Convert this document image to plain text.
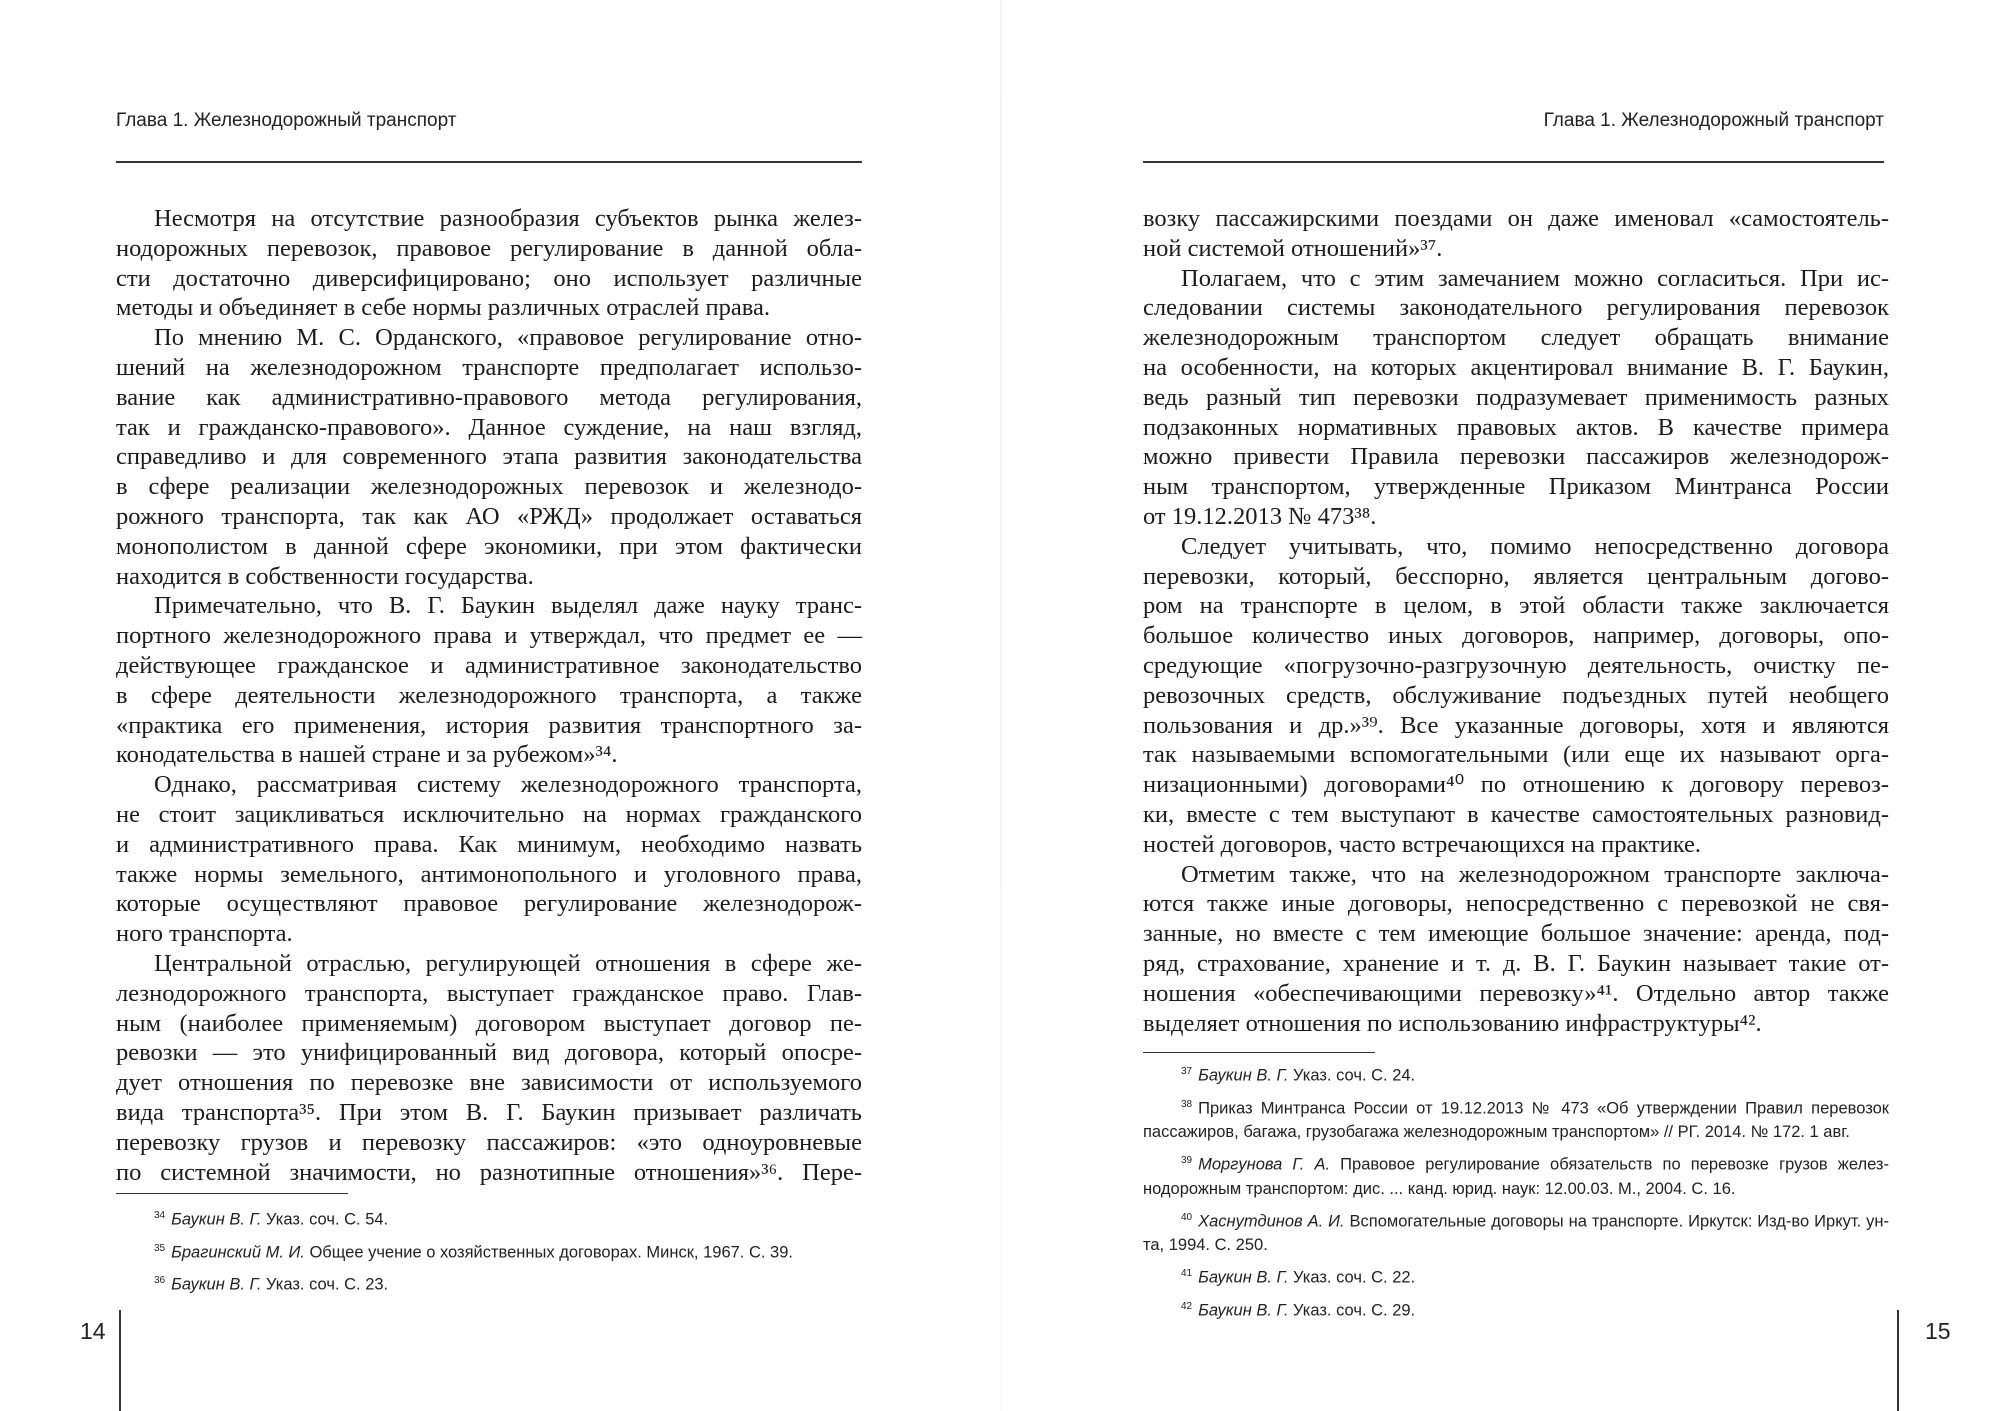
Глава 1. Железнодорожный транспорт
Несмотря на отсутствие разнообразия субъектов рынка желез-
нодорожных перевозок, правовое регулирование в данной обла-
сти достаточно диверсифицировано; оно использует различные
методы и объединяет в себе нормы различных отраслей права.
По мнению М. С. Орданского, «правовое регулирование отно-
шений на железнодорожном транспорте предполагает использо-
вание как административно-правового метода регулирования,
так и гражданско-правового». Данное суждение, на наш взгляд,
справедливо и для современного этапа развития законодательства
в сфере реализации железнодорожных перевозок и железнодо-
рожного транспорта, так как АО «РЖД» продолжает оставаться
монополистом в данной сфере экономики, при этом фактически
находится в собственности государства.
Примечательно, что В. Г. Баукин выделял даже науку транс-
портного железнодорожного права и утверждал, что предмет ее —
действующее гражданское и административное законодательство
в сфере деятельности железнодорожного транспорта, а также
«практика его применения, история развития транспортного за-
конодательства в нашей стране и за рубежом»³⁴.
Однако, рассматривая систему железнодорожного транспорта,
не стоит зацикливаться исключительно на нормах гражданского
и административного права. Как минимум, необходимо назвать
также нормы земельного, антимонопольного и уголовного права,
которые осуществляют правовое регулирование железнодорож-
ного транспорта.
Центральной отраслью, регулирующей отношения в сфере же-
лезнодорожного транспорта, выступает гражданское право. Глав-
ным (наиболее применяемым) договором выступает договор пе-
ревозки — это унифицированный вид договора, который опосре-
дует отношения по перевозке вне зависимости от используемого
вида транспорта³⁵. При этом В. Г. Баукин призывает различать
перевозку грузов и перевозку пассажиров: «это одноуровневые
по системной значимости, но разнотипные отношения»³⁶. Пере-
$^{34}$ Баукин В. Г. Указ. соч. С. 54.
$^{35}$ Брагинский М. И. Общее учение о хозяйственных договорах. Минск, 1967. С. 39.
$^{36}$ Баукин В. Г. Указ. соч. С. 23.
14
Глава 1. Железнодорожный транспорт
возку пассажирскими поездами он даже именовал «самостоятель-
ной системой отношений»³⁷.
Полагаем, что с этим замечанием можно согласиться. При ис-
следовании системы законодательного регулирования перевозок
железнодорожным транспортом следует обращать внимание
на особенности, на которых акцентировал внимание В. Г. Баукин,
ведь разный тип перевозки подразумевает применимость разных
подзаконных нормативных правовых актов. В качестве примера
можно привести Правила перевозки пассажиров железнодорож-
ным транспортом, утвержденные Приказом Минтранса России
от 19.12.2013 № 473³⁸.
Следует учитывать, что, помимо непосредственно договора
перевозки, который, бесспорно, является центральным догово-
ром на транспорте в целом, в этой области также заключается
большое количество иных договоров, например, договоры, опо-
средующие «погрузочно-разгрузочную деятельность, очистку пе-
ревозочных средств, обслуживание подъездных путей необщего
пользования и др.»³⁹. Все указанные договоры, хотя и являются
так называемыми вспомогательными (или еще их называют орга-
низационными) договорами⁴⁰ по отношению к договору перевоз-
ки, вместе с тем выступают в качестве самостоятельных разновид-
ностей договоров, часто встречающихся на практике.
Отметим также, что на железнодорожном транспорте заключа-
ются также иные договоры, непосредственно с перевозкой не свя-
занные, но вместе с тем имеющие большое значение: аренда, под-
ряд, страхование, хранение и т. д. В. Г. Баукин называет такие от-
ношения «обеспечивающими перевозку»⁴¹. Отдельно автор также
выделяет отношения по использованию инфраструктуры⁴².
$^{37}$ Баукин В. Г. Указ. соч. С. 24.
$^{38}$ Приказ Минтранса России от 19.12.2013 № 473 «Об утверждении Правил перевозок пассажиров, багажа, грузобагажа железнодорожным транспортом» // РГ. 2014. № 172. 1 авг.
$^{39}$ Моргунова Г. А. Правовое регулирование обязательств по перевозке грузов железнодорожным транспортом: дис. ... канд. юрид. наук: 12.00.03. М., 2004. С. 16.
$^{40}$ Хаснутдинов А. И. Вспомогательные договоры на транспорте. Иркутск: Изд-во Иркут. ун-та, 1994. С. 250.
$^{41}$ Баукин В. Г. Указ. соч. С. 22.
$^{42}$ Баукин В. Г. Указ. соч. С. 29.
15
